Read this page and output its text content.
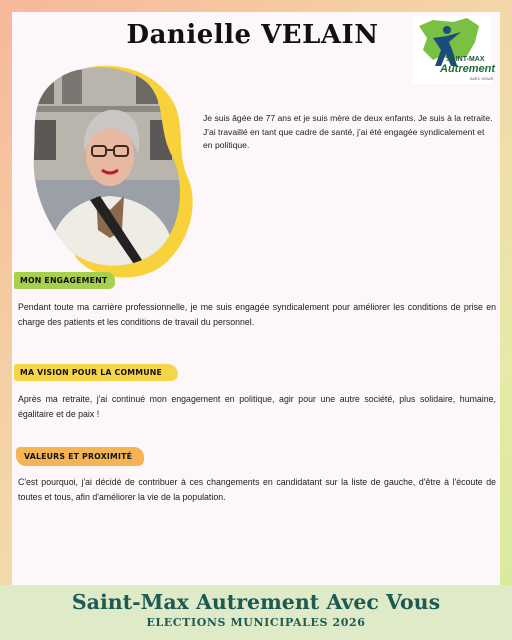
Danielle VELAIN
SAINT-MAX
Autrement
AVEC VOUS
Je suis âgée de 77 ans et je suis mère de deux enfants. Je suis à la retraite. J'ai travaillé en tant que cadre de santé, j'ai été engagée syndicalement et en politique.
MON ENGAGEMENT
Pendant toute ma carrière professionnelle, je me suis engagée syndicalement pour améliorer les conditions de prise en charge des patients et les conditions de travail du personnel.
MA VISION POUR LA COMMUNE
Après ma retraite, j'ai continué mon engagement en politique, agir pour une autre société, plus solidaire, humaine, égalitaire et de paix !
VALEURS ET PROXIMITÉ
C'est pourquoi, j'ai décidé de contribuer à ces changements en candidatant sur la liste de gauche, d'être à l'écoute de toutes et tous, afin d'améliorer la vie de la population.
Saint-Max Autrement Avec Vous
ELECTIONS MUNICIPALES 2026
